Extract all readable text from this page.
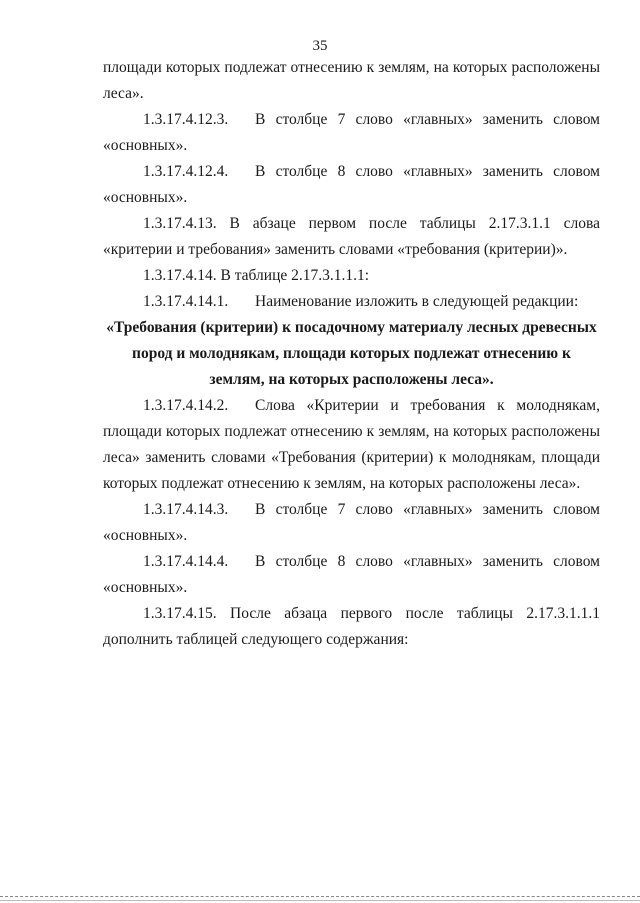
35

площади которых подлежат отнесению к землям, на которых расположены леса».

1.3.17.4.12.3. В столбце 7 слово «главных» заменить словом «основных».

1.3.17.4.12.4. В столбце 8 слово «главных» заменить словом «основных».

1.3.17.4.13. В абзаце первом после таблицы 2.17.3.1.1 слова «критерии и требования» заменить словами «требования (критерии)».

1.3.17.4.14. В таблице 2.17.3.1.1.1:

1.3.17.4.14.1. Наименование изложить в следующей редакции:

«Требования (критерии) к посадочному материалу лесных древесных пород и молоднякам, площади которых подлежат отнесению к землям, на которых расположены леса».

1.3.17.4.14.2. Слова «Критерии и требования к молоднякам, площади которых подлежат отнесению к землям, на которых расположены леса» заменить словами «Требования (критерии) к молоднякам, площади которых подлежат отнесению к землям, на которых расположены леса».

1.3.17.4.14.3. В столбце 7 слово «главных» заменить словом «основных».

1.3.17.4.14.4. В столбце 8 слово «главных» заменить словом «основных».

1.3.17.4.15. После абзаца первого после таблицы 2.17.3.1.1.1 дополнить таблицей следующего содержания:
